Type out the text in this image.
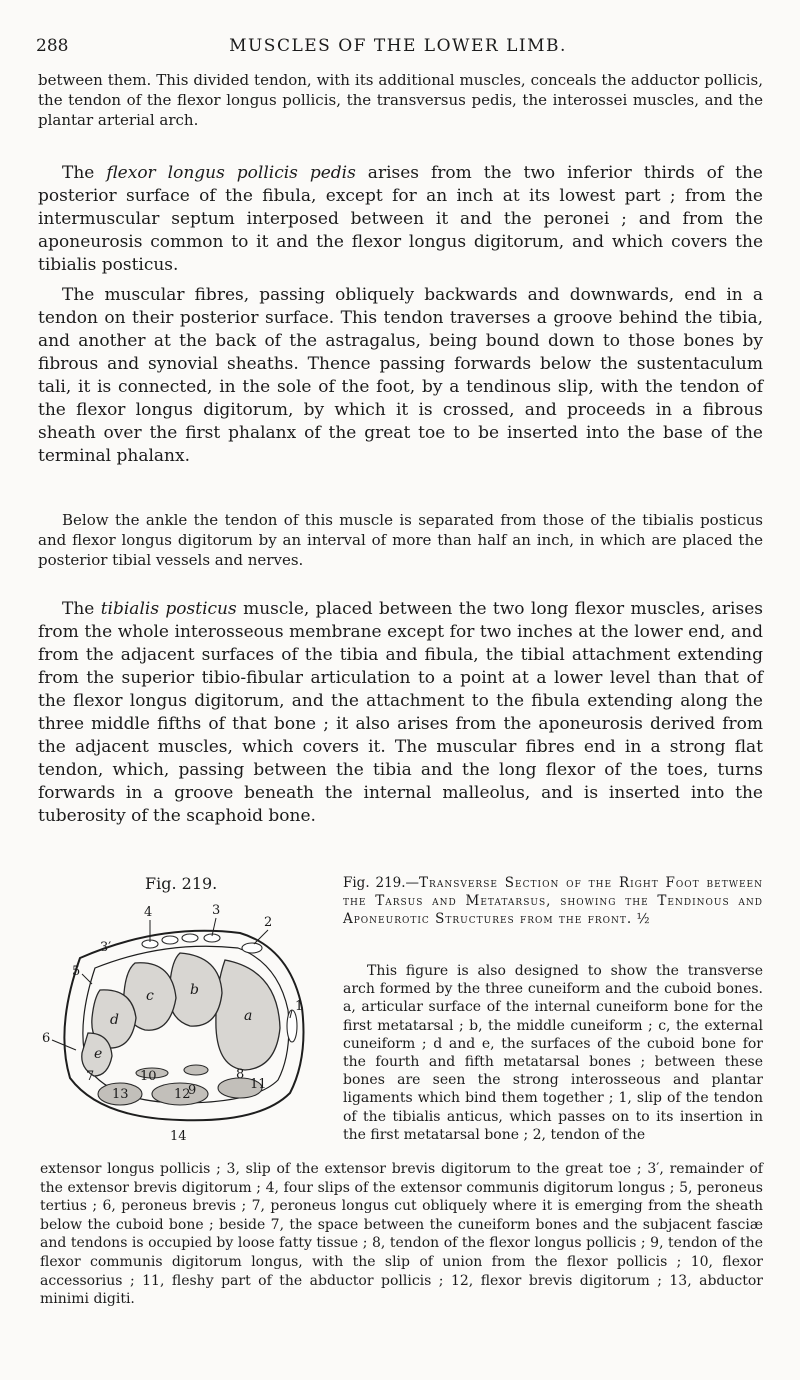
288	MUSCLES OF THE LOWER LIMB.

between them. This divided tendon, with its additional muscles, conceals the adductor pollicis, the tendon of the flexor longus pollicis, the transversus pedis, the interossei muscles, and the plantar arterial arch.

The flexor longus pollicis pedis arises from the two inferior thirds of the posterior surface of the fibula, except for an inch at its lowest part ; from the intermuscular septum interposed between it and the peronei ; and from the aponeurosis common to it and the flexor longus digitorum, and which covers the tibialis posticus.

The muscular fibres, passing obliquely backwards and downwards, end in a tendon on their posterior surface. This tendon traverses a groove behind the tibia, and another at the back of the astragalus, being bound down to those bones by fibrous and synovial sheaths. Thence passing forwards below the sustentaculum tali, it is connected, in the sole of the foot, by a tendinous slip, with the tendon of the flexor longus digitorum, by which it is crossed, and proceeds in a fibrous sheath over the first phalanx of the great toe to be inserted into the base of the terminal phalanx.

Below the ankle the tendon of this muscle is separated from those of the tibialis posticus and flexor longus digitorum by an interval of more than half an inch, in which are placed the posterior tibial vessels and nerves.

The tibialis posticus muscle, placed between the two long flexor muscles, arises from the whole interosseous membrane except for two inches at the lower end, and from the adjacent surfaces of the tibia and fibula, the tibial attachment extending from the superior tibio-fibular articulation to a point at a lower level than that of the flexor longus digitorum, and the attachment to the fibula extending along the three middle fifths of that bone ; it also arises from the aponeurosis derived from the adjacent muscles, which covers it. The muscular fibres end in a strong flat tendon, which, passing between the tibia and the long flexor of the toes, turns forwards in a groove beneath the internal malleolus, and is inserted into the tuberosity of the scaphoid bone.

Fig. 219.
1
2
3
3′
4
5
6
7	8
9
10
11
12
13
14
a
b
c
d
e
Fig. 219.—Transverse Section of the Right Foot between the Tarsus and Metatarsus, showing the Tendinous and Aponeurotic Structures from the front. ½

This figure is also designed to show the transverse arch formed by the three cuneiform and the cuboid bones. a, articular surface of the internal cuneiform bone for the first metatarsal ; b, the middle cuneiform ; c, the external cuneiform ; d and e, the surfaces of the cuboid bone for the fourth and fifth metatarsal bones ; between these bones are seen the strong interosseous and plantar ligaments which bind them together ; 1, slip of the tendon of the tibialis anticus, which passes on to its insertion in the first metatarsal bone ; 2, tendon of the

extensor longus pollicis ; 3, slip of the extensor brevis digitorum to the great toe ; 3′, remainder of the extensor brevis digitorum ; 4, four slips of the extensor communis digitorum longus ; 5, peroneus tertius ; 6, peroneus brevis ; 7, peroneus longus cut obliquely where it is emerging from the sheath below the cuboid bone ; beside 7, the space between the cuneiform bones and the subjacent fasciæ and tendons is occupied by loose fatty tissue ; 8, tendon of the flexor longus pollicis ; 9, tendon of the flexor communis digitorum longus, with the slip of union from the flexor pollicis ; 10, flexor accessorius ; 11, fleshy part of the abductor pollicis ; 12, flexor brevis digitorum ; 13, abductor minimi digiti.
